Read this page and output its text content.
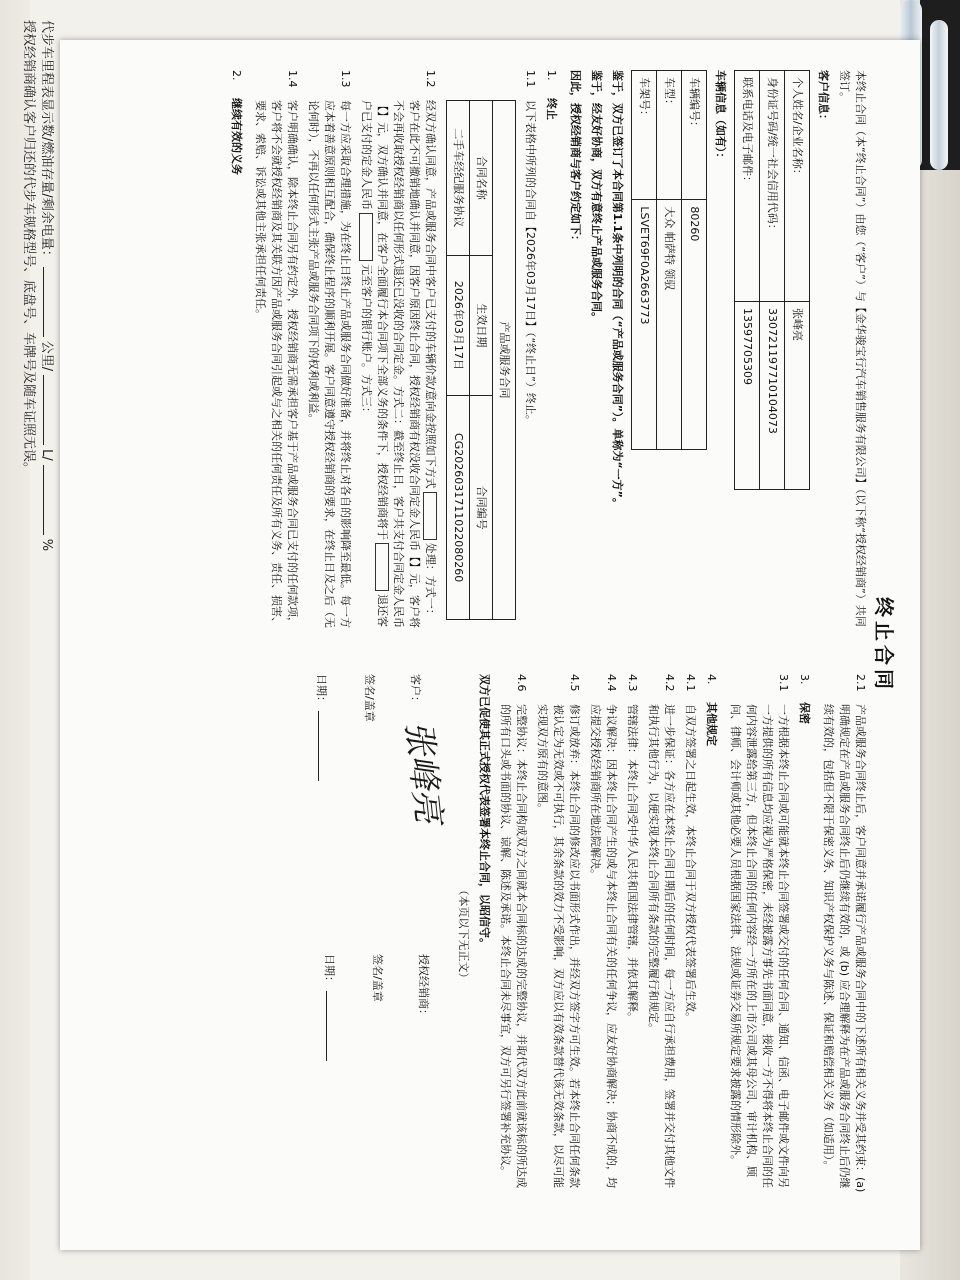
终止合同

本终止合同（本“终止合同”）由您（“客户”）与【金华骏宝行汽车销售服务有限公司】（以下称“授权经销商”）共同签订。

客户信息：

个人姓名/企业名称：	张峰亮
身份证号码/统一社会信用代码：	330721197710104073
联系电话及电子邮件：	13597705309

车辆信息（如有）：

车辆编号：	80260
车型：	大众 帕萨特 领驭
车架号：	LSVET69F0A2663773

鉴于，双方已签订了本合同第1.1条中列明的合同（“产品或服务合同”）。单称为“一方”。

鉴于，经友好协商，双方有意终止产品或服务合同。

因此，授权经销商与客户约定如下：

1.终止

1.1
以下表格中所列的合同自【2026年03月17日】（“终止日”）终止。
产品或服务合同		
合同名称	生效日期	合同编号
二手车经纪服务协议	2026年03月17日	CG2026031711022080260
1.2
经双方确认同意，产品或服务合同中客户已支付的车辆价款/意向金按照如下方式处理：方式一：客户在此不可撤销地确认并同意，因客户原因终止合同，授权经销商有权没收合同定金人民币【】元，客户将不会再收取授权经销商以任何形式退还已没收的合同定金。方式二：截至终止日，客户共支付合同定金人民币【】元，双方确认并同意，在客户全面履行本合同项下全部义务的条件下，授权经销商将于退还客户已支付的定金人民币元至客户的银行账户。方式三：
1.3
每一方应采取合理措施，为在终止日终止产品或服务合同做好准备，并将终止对各自的影响降至最低。每一方应本着善意原则相互配合，确保终止程序的顺利开展。客户同意遵守授权经销商的要求，在终止日及之后（无论何时），不再以任何形式主张产品或服务合同项下的权利或利益。
1.4
客户明确确认，除本终止合同另有约定外，授权经销商无需承担客户基于产品或服务合同已支付的任何款项，客户将不会就授权经销商及其关联方因产品或服务合同引起或与之相关的任何责任及所有义务、责任、损害、要求、索赔、诉讼或其他主张承担任何责任。

2.继续有效的义务

2.1
产品或服务合同终止后，客户同意并承诺履行产品或服务合同中的下述所有相关义务并受其约束：(a) 明确规定在产品或服务合同终止后仍继续有效的，或 (b) 应合理解释为在产品或服务合同终止后仍继续有效的，包括但不限于保密义务、知识产权保护义务与陈述、保证和赔偿相关义务（如适用）。

3.保密

3.1
一方根据本终止合同或可能就本终止合同签署或交付的任何合同、通知、信函、电子邮件或文件向另一方提供的所有信息均应视为严格保密，未经披露方事先书面同意，接收一方不得将本终止合同的任何内容泄露给第三方，但本终止合同的任何内容经一方所在的上市公司或其母公司、审计机构、顾问、律师、会计师或其他必要人员根据国家法律、法规或证券交易所规定要求披露的情形除外。

4.其他规定

4.1
自双方签署之日起生效，本终止合同于双方授权代表签署后生效。
4.2
进一步保证：各方应在本终止合同日期后的任何时间，每一方应自行承担费用，签署并交付其他文件和执行其他行为，以便实现本终止合同所有条款的完整履行和规定。
4.3
管辖法律：本终止合同受中华人民共和国法律管辖，并依其解释。
4.4
争议解决：因本终止合同产生的或与本终止合同有关的任何争议，应友好协商解决；协商不成的，均应提交授权经销商所在地法院解决。
4.5
修订或放弃：本终止合同的修改应以书面形式作出，并经双方签字方可生效。若本终止合同任何条款被认定为无效或不可执行，其余条款的效力不受影响，双方应以有效条款替代该无效条款，以尽可能实现双方原有的意图。
4.6
完整协议：本终止合同构成双方之间就本合同标的达成的完整协议，并取代双方此前就该标的所达成的所有口头或书面的协议、谅解、陈述及承诺。本终止合同未尽事宜，双方可另行签署补充协议。

双方已促使其正式授权代表签署本终止合同，以昭信守。

（本页以下无正文）

客户： 张峰亮

签名/盖章

日期：

授权经销商：

签名/盖章

日期：

代步车里程表显示数/燃油存量/剩余电量：公里/L/%
授权经销商确认客户归还的代步车规格型号、底盘号、车牌号及随车证照无误。
